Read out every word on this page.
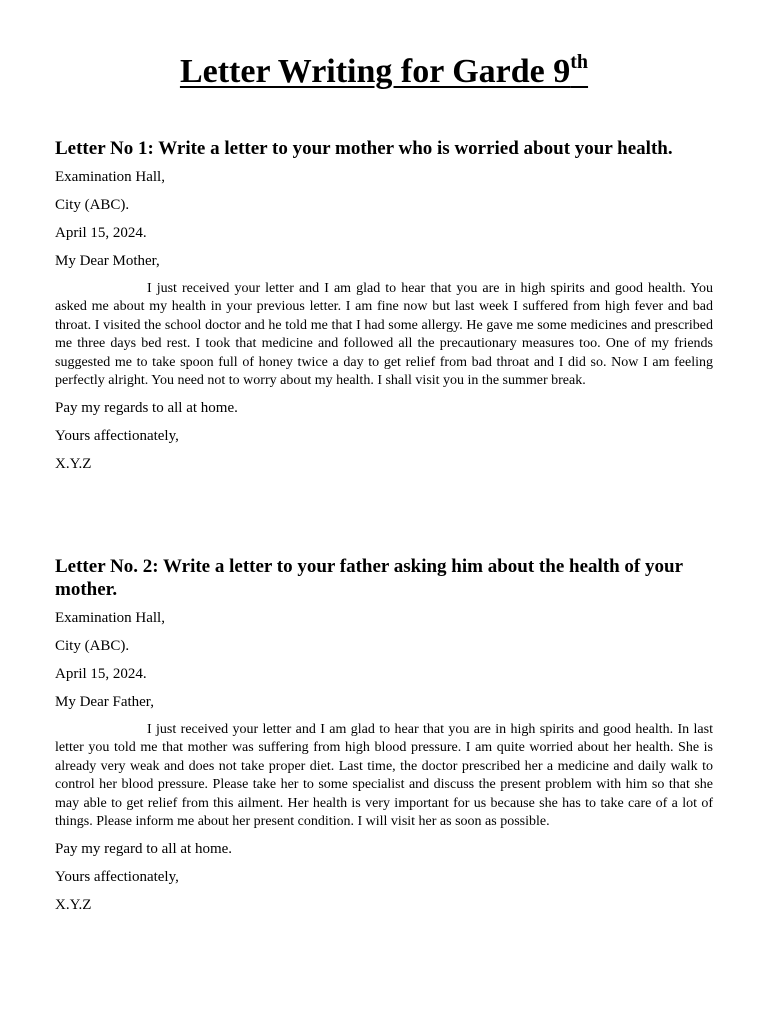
Letter Writing for Garde 9th

Letter No 1: Write a letter to your mother who is worried about your health.

Examination Hall,

City (ABC).

April 15, 2024.

My Dear Mother,

I just received your letter and I am glad to hear that you are in high spirits and good health. You asked me about my health in your previous letter. I am fine now but last week I suffered from high fever and bad throat. I visited the school doctor and he told me that I had some allergy. He gave me some medicines and prescribed me three days bed rest. I took that medicine and followed all the precautionary measures too. One of my friends suggested me to take spoon full of honey twice a day to get relief from bad throat and I did so. Now I am feeling perfectly alright. You need not to worry about my health. I shall visit you in the summer break.

Pay my regards to all at home.

Yours affectionately,

X.Y.Z

Letter No. 2: Write a letter to your father asking him about the health of your mother.

Examination Hall,

City (ABC).

April 15, 2024.

My Dear Father,

I just received your letter and I am glad to hear that you are in high spirits and good health. In last letter you told me that mother was suffering from high blood pressure. I am quite worried about her health. She is already very weak and does not take proper diet. Last time, the doctor prescribed her a medicine and daily walk to control her blood pressure. Please take her to some specialist and discuss the present problem with him so that she may able to get relief from this ailment. Her health is very important for us because she has to take care of a lot of things. Please inform me about her present condition. I will visit her as soon as possible.

Pay my regard to all at home.

Yours affectionately,

X.Y.Z
